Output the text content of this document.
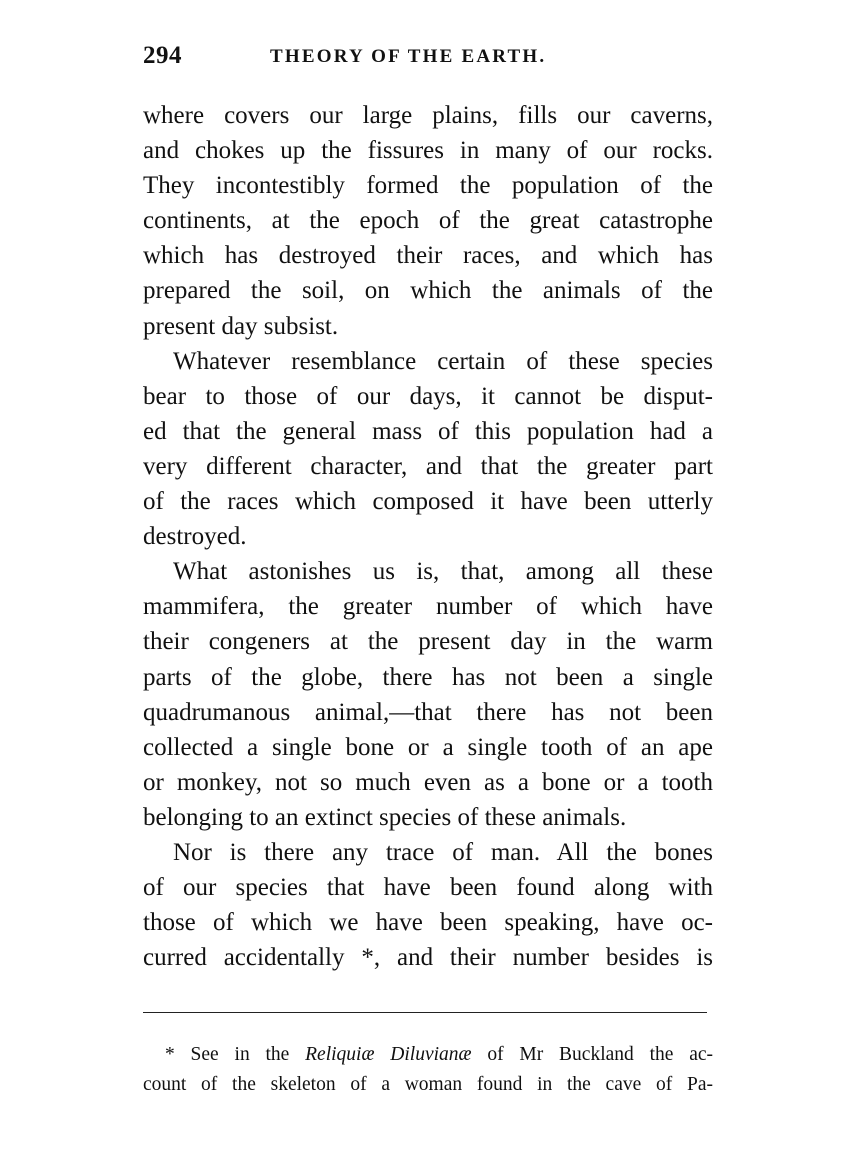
294	THEORY OF THE EARTH.
where covers our large plains, fills our caverns,
and chokes up the fissures in many of our rocks.
They incontestibly formed the population of the
continents, at the epoch of the great catastrophe
which has destroyed their races, and which has
prepared the soil, on which the animals of the
present day subsist.
Whatever resemblance certain of these species
bear to those of our days, it cannot be disput-
ed that the general mass of this population had a
very different character, and that the greater part
of the races which composed it have been utterly
destroyed.
What astonishes us is, that, among all these
mammifera, the greater number of which have
their congeners at the present day in the warm
parts of the globe, there has not been a single
quadrumanous animal,—that there has not been
collected a single bone or a single tooth of an ape
or monkey, not so much even as a bone or a tooth
belonging to an extinct species of these animals.
Nor is there any trace of man. All the bones
of our species that have been found along with
those of which we have been speaking, have oc-
curred accidentally *, and their number besides is
* See in the Reliquiæ Diluvianæ of Mr Buckland the ac-
count of the skeleton of a woman found in the cave of Pa-
